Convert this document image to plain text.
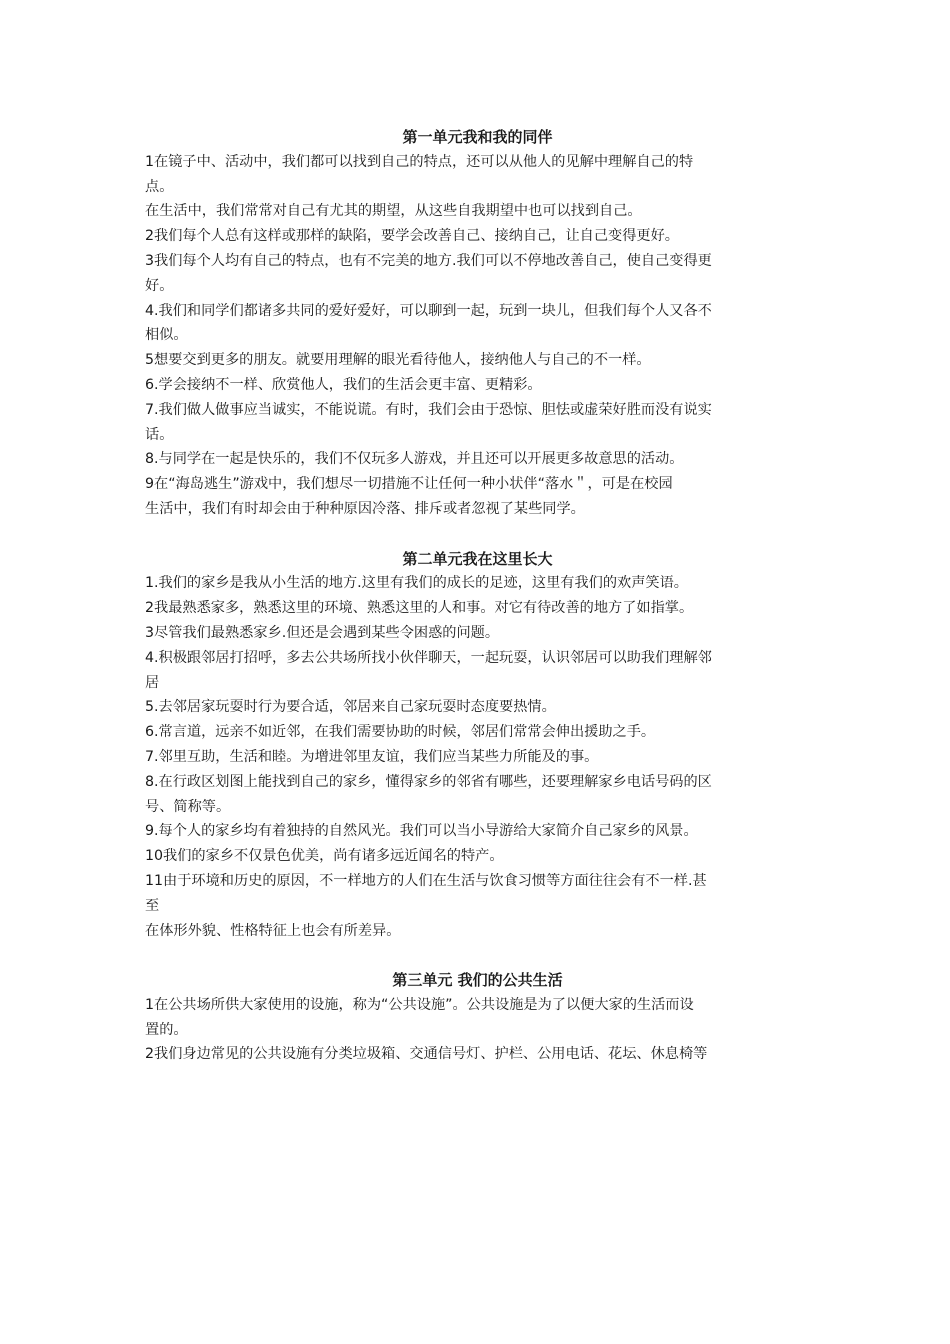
第一单元我和我的同伴
1在镜子中、活动中，我们都可以找到自己的特点，还可以从他人的见解中理解自己的特
点。
在生活中，我们常常对自己有尤其的期望，从这些自我期望中也可以找到自己。
2我们每个人总有这样或那样的缺陷，要学会改善自己、接纳自己，让自己变得更好。
3我们每个人均有自己的特点，也有不完美的地方.我们可以不停地改善自己，使自己变得更
好。
4.我们和同学们都诸多共同的爱好爱好，可以聊到一起，玩到一块儿，但我们每个人又各不
相似。
5想要交到更多的朋友。就要用理解的眼光看待他人，接纳他人与自己的不一样。
6.学会接纳不一样、欣赏他人，我们的生活会更丰富、更精彩。
7.我们做人做事应当诚实，不能说谎。有时，我们会由于恐惊、胆怯或虚荣好胜而没有说实
话。
8.与同学在一起是快乐的，我们不仅玩多人游戏，并且还可以开展更多故意思的活动。
9在“海岛逃生”游戏中，我们想尽一切措施不让任何一种小状伴“落水＂，可是在校园
生活中，我们有时却会由于种种原因冷落、排斥或者忽视了某些同学。
第二单元我在这里长大
1.我们的家乡是我从小生活的地方.这里有我们的成长的足迹，这里有我们的欢声笑语。
2我最熟悉家多，熟悉这里的环境、熟悉这里的人和事。对它有待改善的地方了如指掌。
3尽管我们最熟悉家乡.但还是会遇到某些令困惑的问题。
4.积极跟邻居打招呼，多去公共场所找小伙伴聊天，一起玩耍，认识邻居可以助我们理解邻
居
5.去邻居家玩耍时行为要合适，邻居来自己家玩耍时态度要热情。
6.常言道，远亲不如近邻，在我们需要协助的时候，邻居们常常会伸出援助之手。
7.邻里互助，生活和睦。为增进邻里友谊，我们应当某些力所能及的事。
8.在行政区划图上能找到自己的家乡，懂得家乡的邻省有哪些，还要理解家乡电话号码的区
号、简称等。
9.每个人的家乡均有着独持的自然风光。我们可以当小导游给大家简介自己家乡的风景。
10我们的家乡不仅景色优美，尚有诸多远近闻名的特产。
11由于环境和历史的原因，不一样地方的人们在生活与饮食习惯等方面往往会有不一样.甚
至
在体形外貌、性格特征上也会有所差异。
第三单元 我们的公共生活
1在公共场所供大家使用的设施，称为“公共设施”。公共设施是为了以便大家的生活而设
置的。
2我们身边常见的公共设施有分类垃圾箱、交通信号灯、护栏、公用电话、花坛、休息椅等
